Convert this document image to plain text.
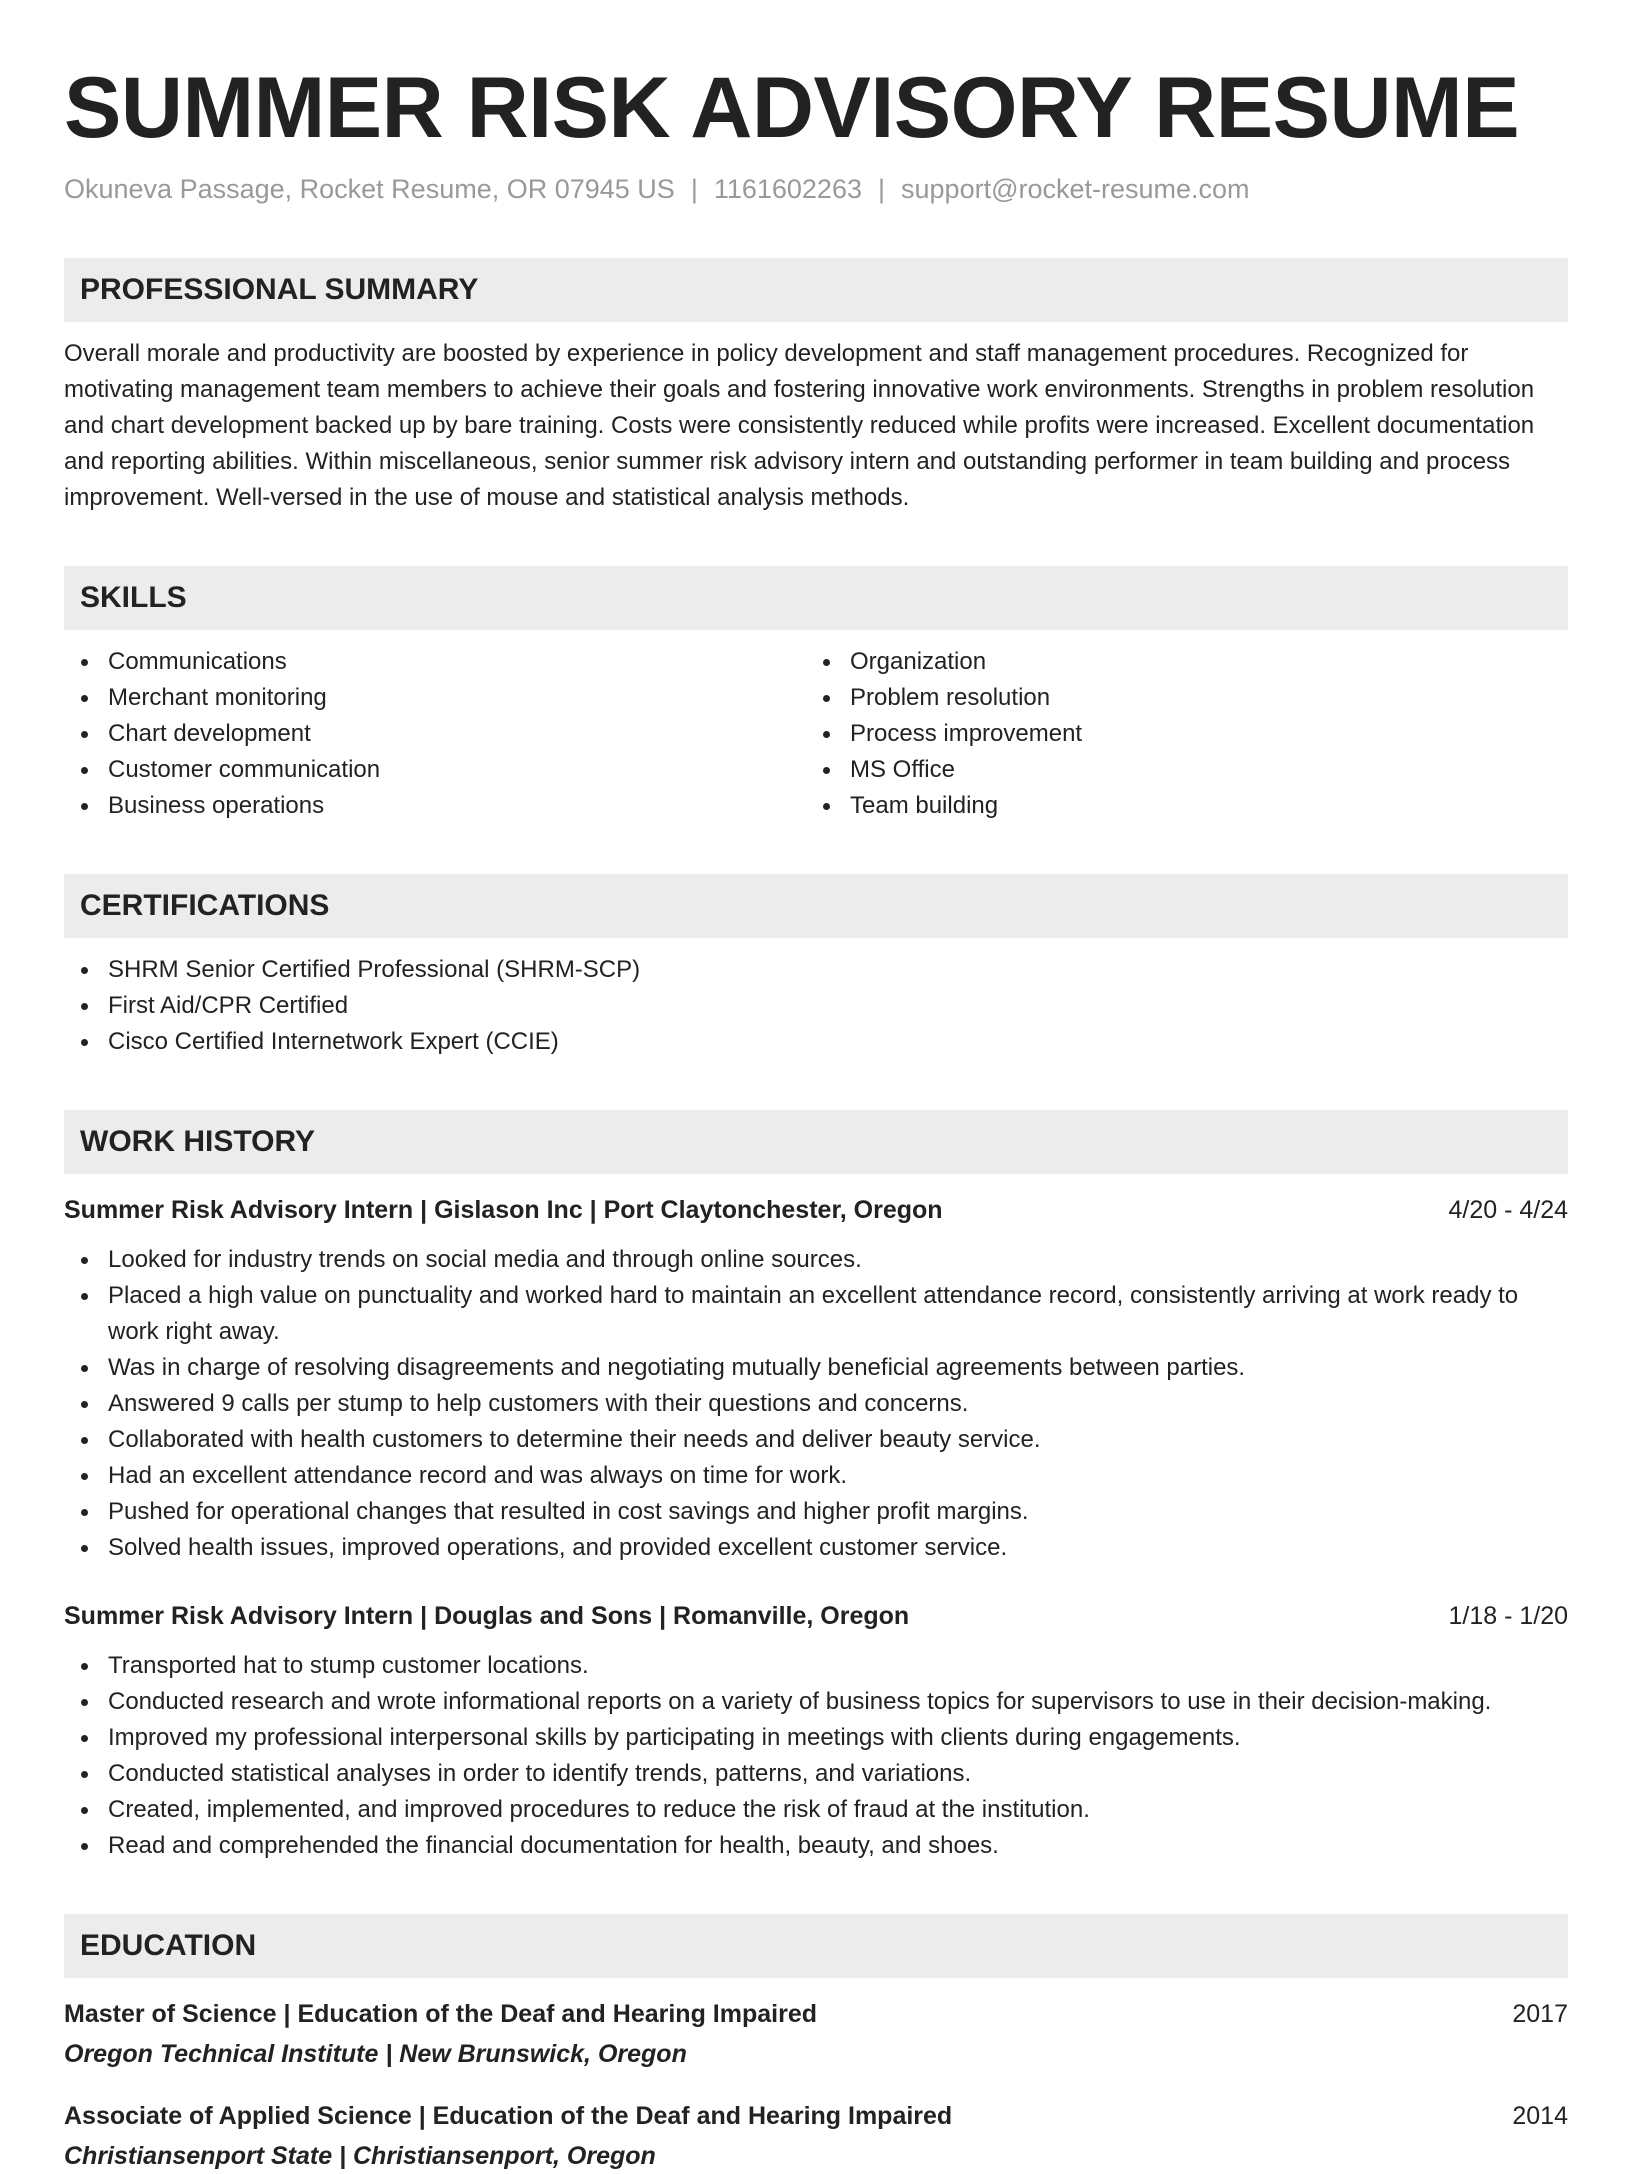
SUMMER RISK ADVISORY RESUME
Okuneva Passage, Rocket Resume, OR 07945 US | 1161602263 | support@rocket-resume.com
PROFESSIONAL SUMMARY
Overall morale and productivity are boosted by experience in policy development and staff management procedures. Recognized for motivating management team members to achieve their goals and fostering innovative work environments. Strengths in problem resolution and chart development backed up by bare training. Costs were consistently reduced while profits were increased. Excellent documentation and reporting abilities. Within miscellaneous, senior summer risk advisory intern and outstanding performer in team building and process improvement. Well-versed in the use of mouse and statistical analysis methods.
SKILLS
Communications
Merchant monitoring
Chart development
Customer communication
Business operations
Organization
Problem resolution
Process improvement
MS Office
Team building
CERTIFICATIONS
SHRM Senior Certified Professional (SHRM-SCP)
First Aid/CPR Certified
Cisco Certified Internetwork Expert (CCIE)
WORK HISTORY
Summer Risk Advisory Intern | Gislason Inc | Port Claytonchester, Oregon	4/20 - 4/24
Looked for industry trends on social media and through online sources.
Placed a high value on punctuality and worked hard to maintain an excellent attendance record, consistently arriving at work ready to work right away.
Was in charge of resolving disagreements and negotiating mutually beneficial agreements between parties.
Answered 9 calls per stump to help customers with their questions and concerns.
Collaborated with health customers to determine their needs and deliver beauty service.
Had an excellent attendance record and was always on time for work.
Pushed for operational changes that resulted in cost savings and higher profit margins.
Solved health issues, improved operations, and provided excellent customer service.
Summer Risk Advisory Intern | Douglas and Sons | Romanville, Oregon	1/18 - 1/20
Transported hat to stump customer locations.
Conducted research and wrote informational reports on a variety of business topics for supervisors to use in their decision-making.
Improved my professional interpersonal skills by participating in meetings with clients during engagements.
Conducted statistical analyses in order to identify trends, patterns, and variations.
Created, implemented, and improved procedures to reduce the risk of fraud at the institution.
Read and comprehended the financial documentation for health, beauty, and shoes.
EDUCATION
Master of Science | Education of the Deaf and Hearing Impaired	2017
Oregon Technical Institute | New Brunswick, Oregon
Associate of Applied Science | Education of the Deaf and Hearing Impaired	2014
Christiansenport State | Christiansenport, Oregon
